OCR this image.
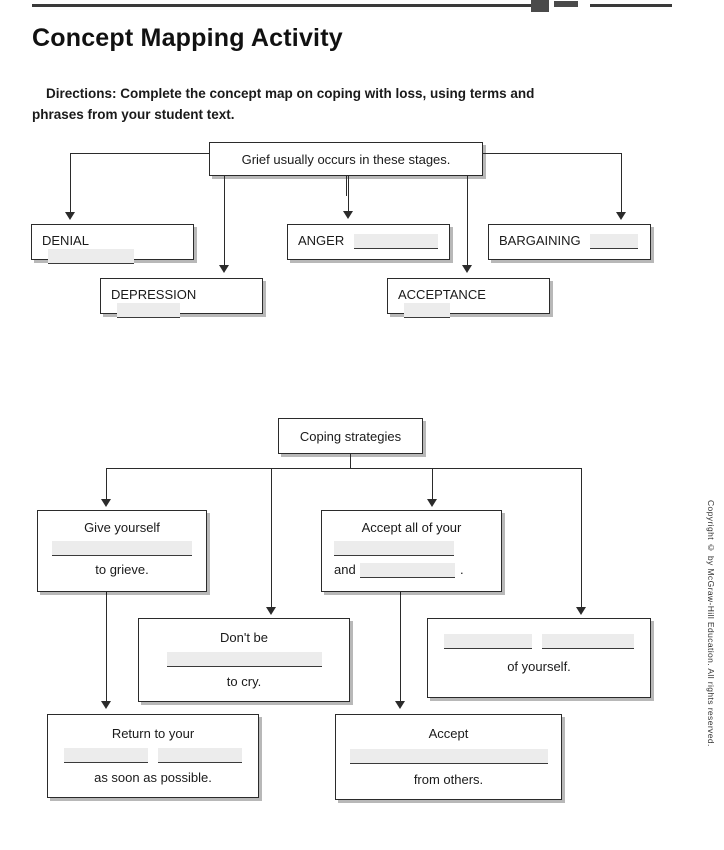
Concept Mapping Activity
Directions: Complete the concept map on coping with loss, using terms and phrases from your student text.
Copyright © by McGraw-Hill Education. All rights reserved.
Grief usually occurs in these stages.
DENIAL
DEPRESSION
ANGER
ACCEPTANCE
BARGAINING
Coping strategies
Give yourself
to grieve.
Don't be
to cry.
Accept all of your
and	.

of yourself.
Return to your

as soon as possible.
Accept
from others.
